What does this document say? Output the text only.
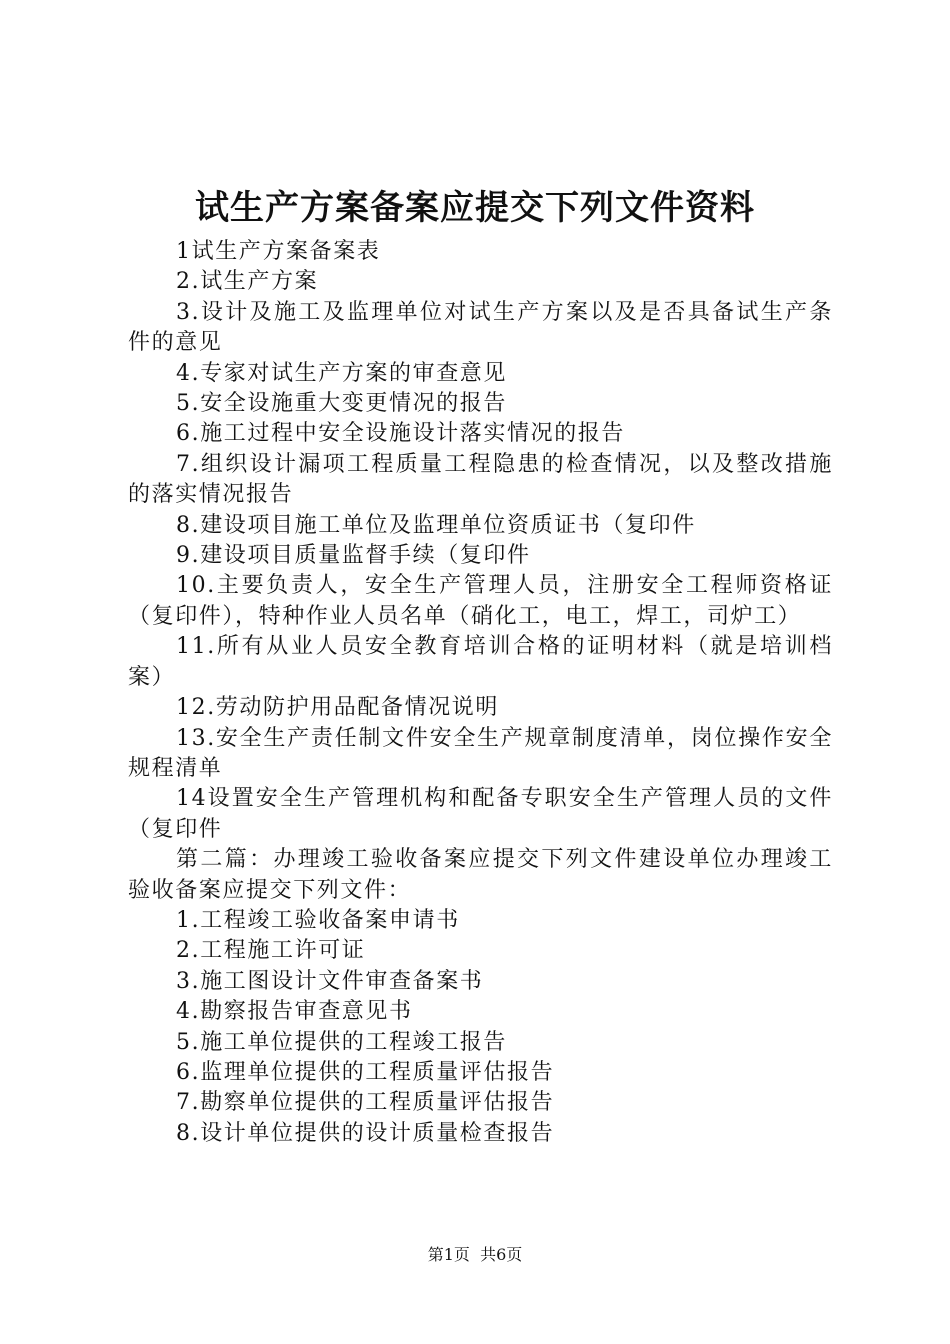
试生产方案备案应提交下列文件资料

1试生产方案备案表

2.试生产方案

3.设计及施工及监理单位对试生产方案以及是否具备试生产条件的意见

4.专家对试生产方案的审查意见

5.安全设施重大变更情况的报告

6.施工过程中安全设施设计落实情况的报告

7.组织设计漏项工程质量工程隐患的检查情况，以及整改措施的落实情况报告

8.建设项目施工单位及监理单位资质证书（复印件

9.建设项目质量监督手续（复印件

10.主要负责人，安全生产管理人员，注册安全工程师资格证（复印件），特种作业人员名单（硝化工，电工，焊工，司炉工）

11.所有从业人员安全教育培训合格的证明材料（就是培训档案）

12.劳动防护用品配备情况说明

13.安全生产责任制文件安全生产规章制度清单，岗位操作安全规程清单

14设置安全生产管理机构和配备专职安全生产管理人员的文件（复印件

第二篇：办理竣工验收备案应提交下列文件建设单位办理竣工验收备案应提交下列文件：

1.工程竣工验收备案申请书

2.工程施工许可证

3.施工图设计文件审查备案书

4.勘察报告审查意见书

5.施工单位提供的工程竣工报告

6.监理单位提供的工程质量评估报告

7.勘察单位提供的工程质量评估报告

8.设计单位提供的设计质量检查报告

第1页  共6页
